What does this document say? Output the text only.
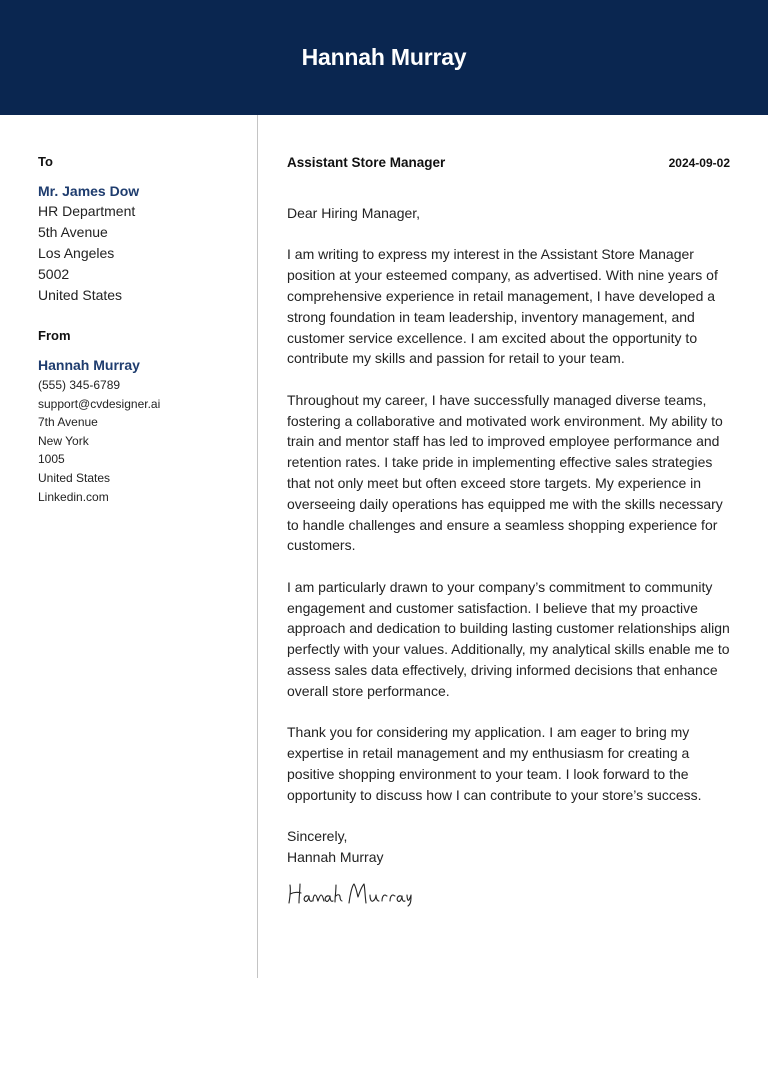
Hannah Murray
To
Mr. James Dow
HR Department
5th Avenue
Los Angeles
5002
United States
From
Hannah Murray
(555) 345-6789
support@cvdesigner.ai
7th Avenue
New York
1005
United States
Linkedin.com
Assistant Store Manager	2024-09-02
Dear Hiring Manager,
I am writing to express my interest in the Assistant Store Manager position at your esteemed company, as advertised. With nine years of comprehensive experience in retail management, I have developed a strong foundation in team leadership, inventory management, and customer service excellence. I am excited about the opportunity to contribute my skills and passion for retail to your team.
Throughout my career, I have successfully managed diverse teams, fostering a collaborative and motivated work environment. My ability to train and mentor staff has led to improved employee performance and retention rates. I take pride in implementing effective sales strategies that not only meet but often exceed store targets. My experience in overseeing daily operations has equipped me with the skills necessary to handle challenges and ensure a seamless shopping experience for customers.
I am particularly drawn to your company’s commitment to community engagement and customer satisfaction. I believe that my proactive approach and dedication to building lasting customer relationships align perfectly with your values. Additionally, my analytical skills enable me to assess sales data effectively, driving informed decisions that enhance overall store performance.
Thank you for considering my application. I am eager to bring my expertise in retail management and my enthusiasm for creating a positive shopping environment to your team. I look forward to the opportunity to discuss how I can contribute to your store’s success.
Sincerely,
Hannah Murray
